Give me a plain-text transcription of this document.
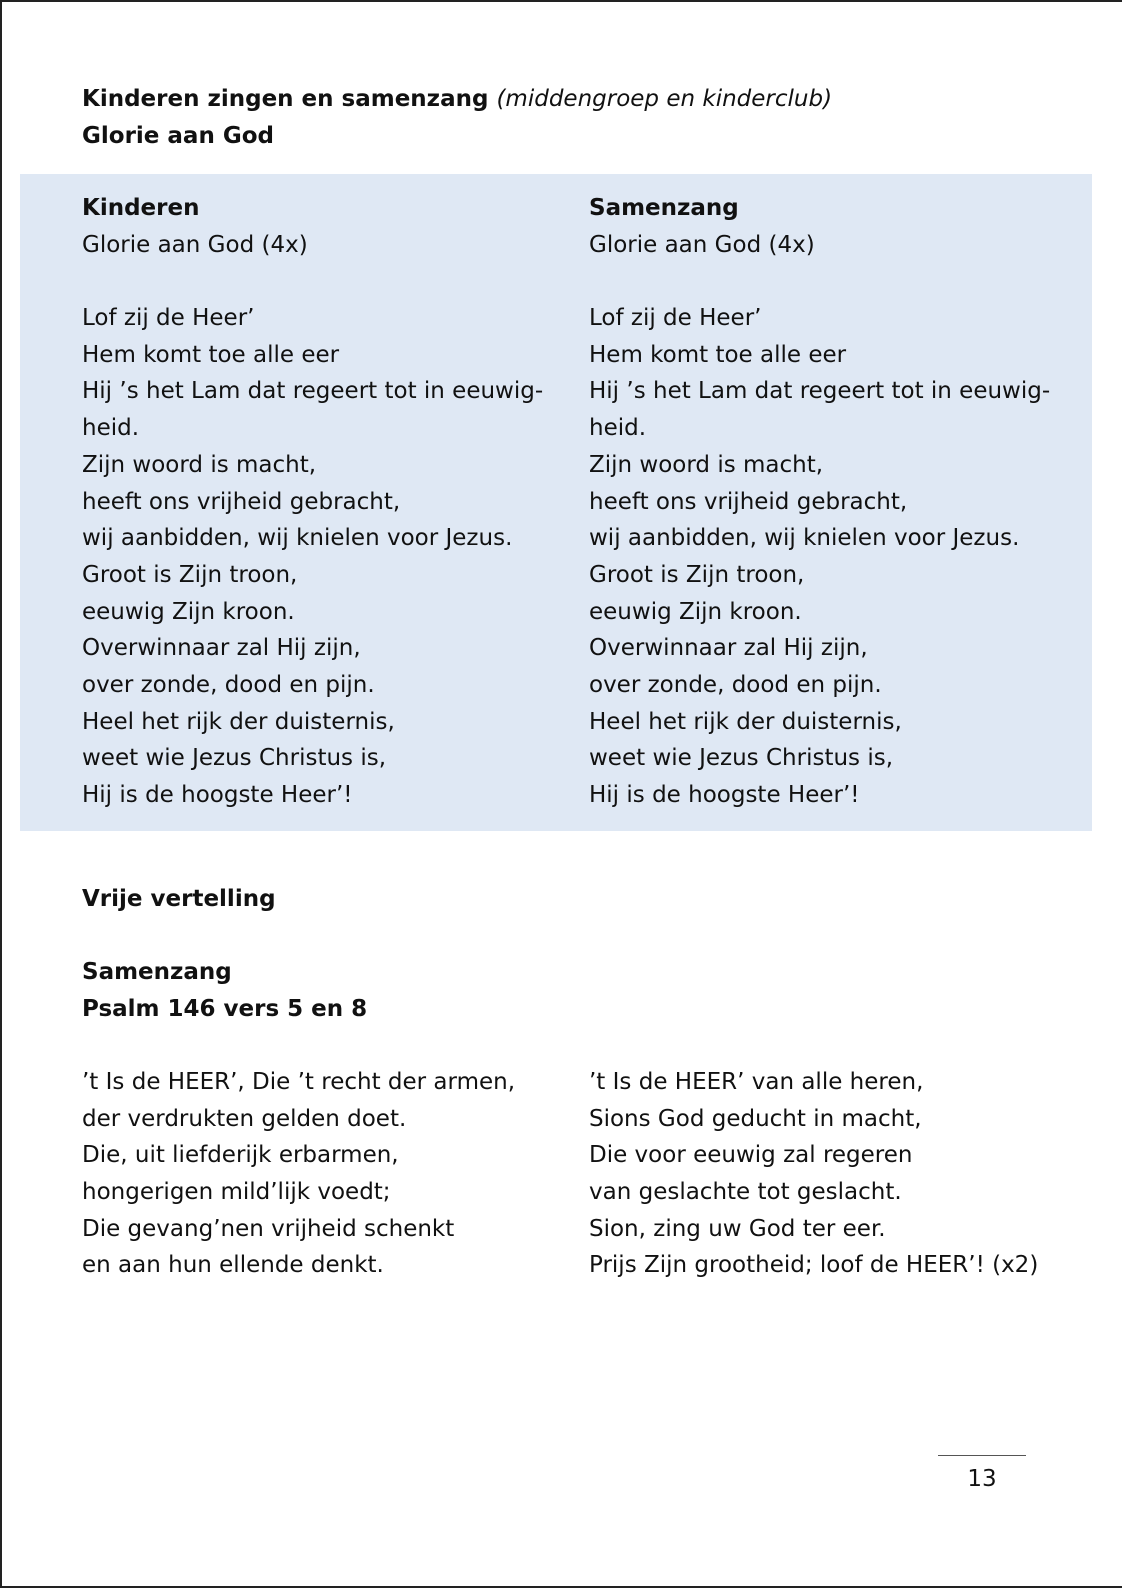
Kinderen zingen en samenzang (middengroep en kinderclub)
Glorie aan God
Kinderen
Glorie aan God (4x)
Lof zij de Heer’
Hem komt toe alle eer
Hij ’s het Lam dat regeert tot in eeuwig-
heid.
Zijn woord is macht,
heeft ons vrijheid gebracht,
wij aanbidden, wij knielen voor Jezus.
Groot is Zijn troon,
eeuwig Zijn kroon.
Overwinnaar zal Hij zijn,
over zonde, dood en pijn.
Heel het rijk der duisternis,
weet wie Jezus Christus is,
Hij is de hoogste Heer’!
Samenzang
Glorie aan God (4x)
Lof zij de Heer’
Hem komt toe alle eer
Hij ’s het Lam dat regeert tot in eeuwig-
heid.
Zijn woord is macht,
heeft ons vrijheid gebracht,
wij aanbidden, wij knielen voor Jezus.
Groot is Zijn troon,
eeuwig Zijn kroon.
Overwinnaar zal Hij zijn,
over zonde, dood en pijn.
Heel het rijk der duisternis,
weet wie Jezus Christus is,
Hij is de hoogste Heer’!
Vrije vertelling
Samenzang
Psalm 146 vers 5 en 8
’t Is de HEER’, Die ’t recht der armen,
der verdrukten gelden doet.
Die, uit liefderijk erbarmen,
hongerigen mild’lijk voedt;
Die gevang’nen vrijheid schenkt
en aan hun ellende denkt.
’t Is de HEER’ van alle heren,
Sions God geducht in macht,
Die voor eeuwig zal regeren
van geslachte tot geslacht.
Sion, zing uw God ter eer.
Prijs Zijn grootheid; loof de HEER’! (x2)
13
